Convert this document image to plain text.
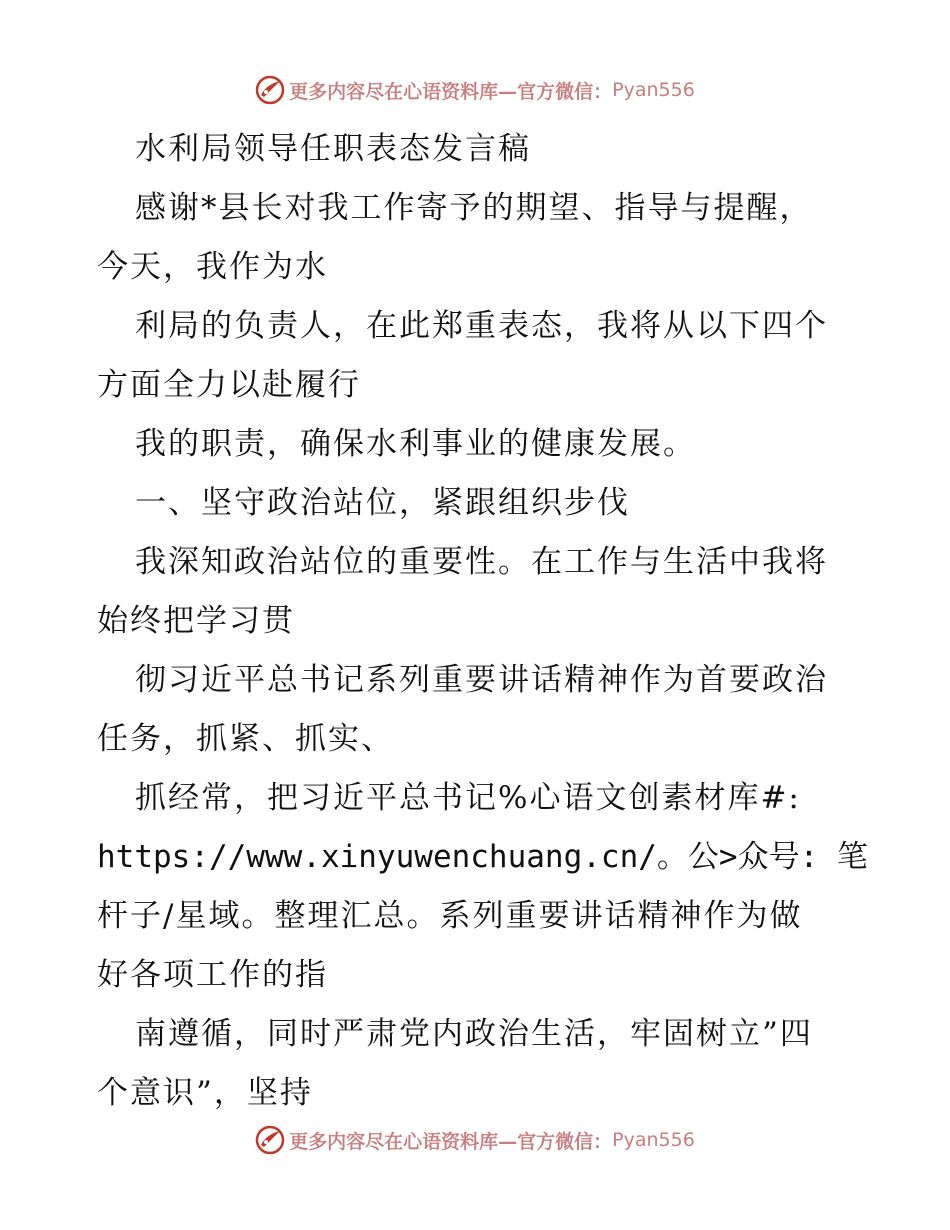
更多内容尽在心语资料库—官方微信： Pyan556
水利局领导任职表态发言稿
感谢*县长对我工作寄予的期望、指导与提醒，
今天，我作为水
利局的负责人，在此郑重表态，我将从以下四个
方面全力以赴履行
我的职责，确保水利事业的健康发展。
一、坚守政治站位，紧跟组织步伐
我深知政治站位的重要性。在工作与生活中我将
始终把学习贯
彻习近平总书记系列重要讲话精神作为首要政治
任务，抓紧、抓实、
抓经常，把习近平总书记%心语文创素材库#:
https://www.xinyuwenchuang.cn/。公>众号: 笔
杆子/星域。整理汇总。系列重要讲话精神作为做
好各项工作的指
南遵循，同时严肃党内政治生活，牢固树立”四
个意识”，坚持
更多内容尽在心语资料库—官方微信： Pyan556
